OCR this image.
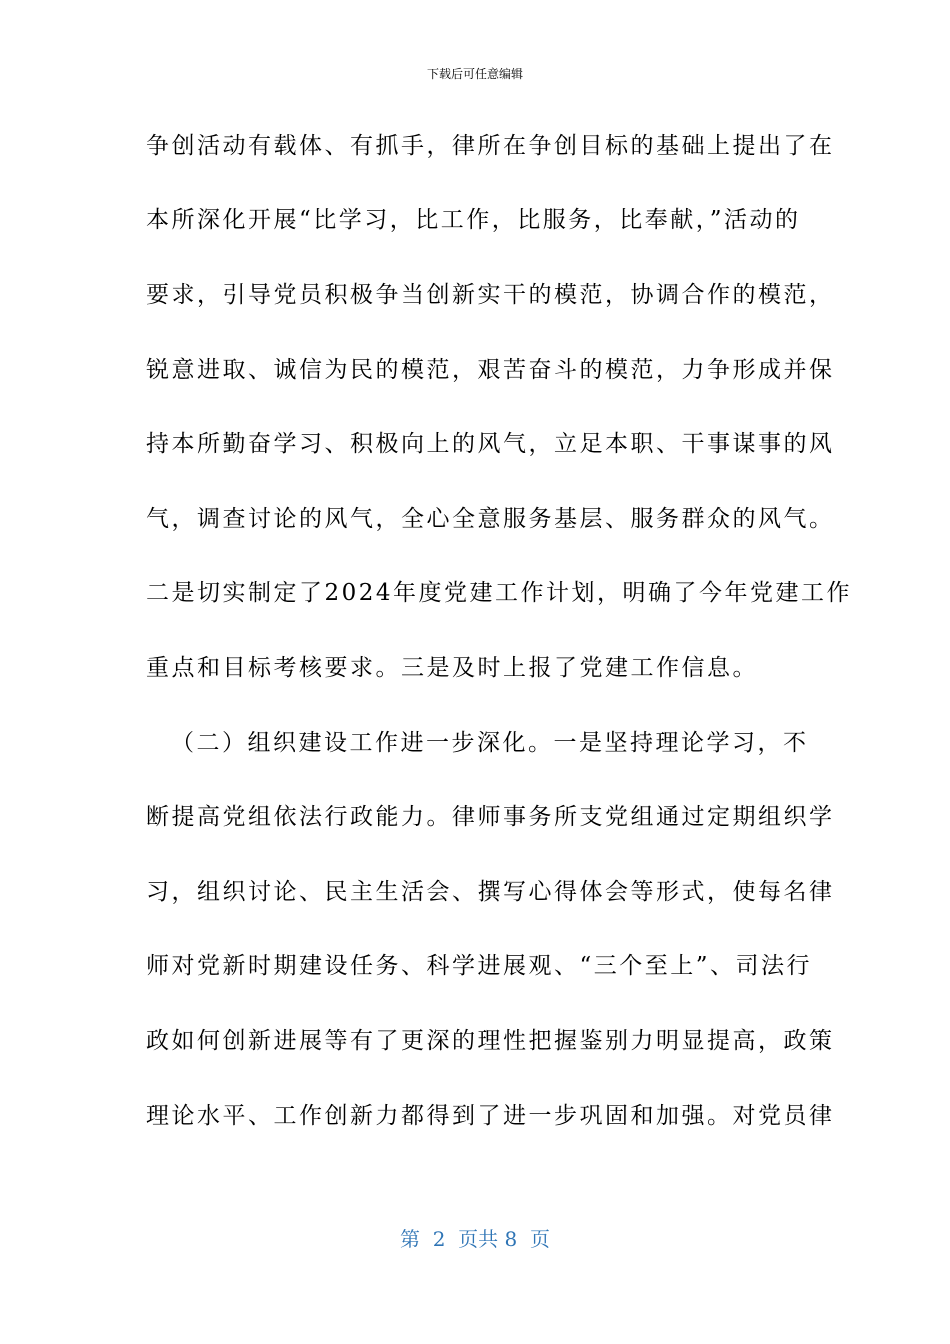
下载后可任意编辑
争创活动有载体、有抓手，律所在争创目标的基础上提出了在
本所深化开展“比学习，比工作，比服务，比奉献，”活动的
要求，引导党员积极争当创新实干的模范，协调合作的模范，
锐意进取、诚信为民的模范，艰苦奋斗的模范，力争形成并保
持本所勤奋学习、积极向上的风气，立足本职、干事谋事的风
气，调查讨论的风气，全心全意服务基层、服务群众的风气。
二是切实制定了2024年度党建工作计划，明确了今年党建工作
重点和目标考核要求。三是及时上报了党建工作信息。
（二）组织建设工作进一步深化。一是坚持理论学习，不
断提高党组依法行政能力。律师事务所支党组通过定期组织学
习，组织讨论、民主生活会、撰写心得体会等形式，使每名律
师对党新时期建设任务、科学进展观、“三个至上”、司法行
政如何创新进展等有了更深的理性把握鉴别力明显提高，政策
理论水平、工作创新力都得到了进一步巩固和加强。对党员律
第  2  页共 8  页
